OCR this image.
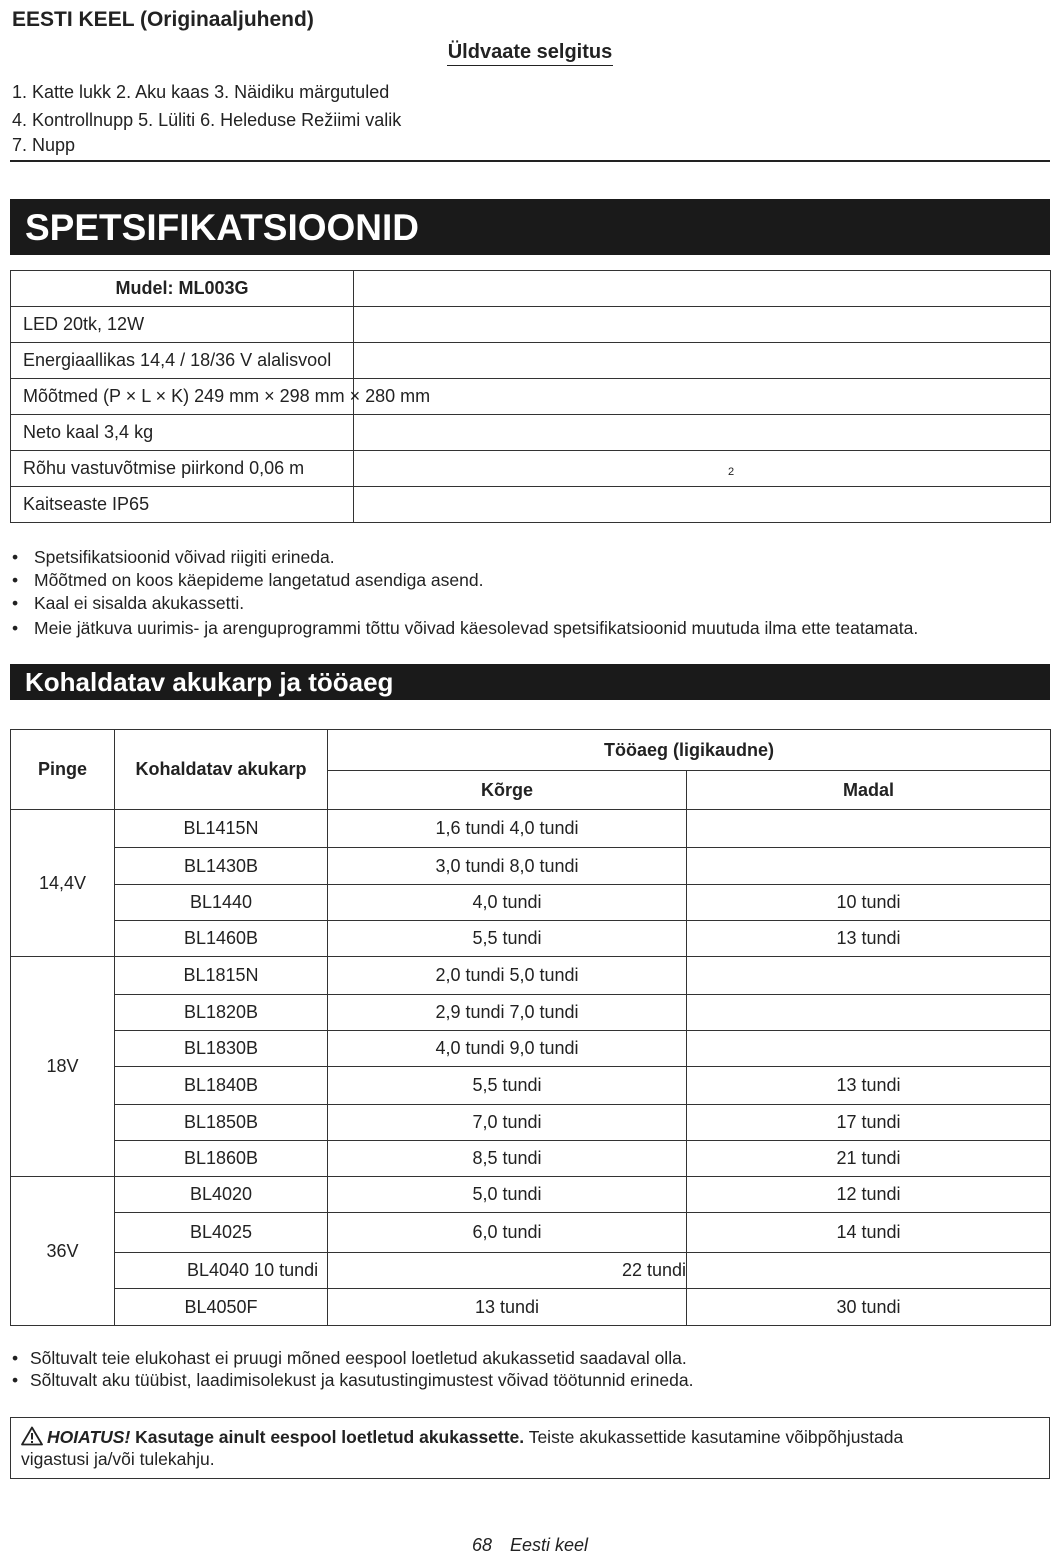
EESTI KEEL (Originaaljuhend)
Üldvaate selgitus
1. Katte lukk 2. Aku kaas 3. Näidiku märgutuled
4. Kontrollnupp 5. Lüliti 6. Heleduse Režiimi valik
7. Nupp
SPETSIFIKATSIOONID
Mudel: ML003G	
LED 20tk, 12W	
Energiaallikas 14,4 / 18/36 V alalisvool	
Mõõtmed (P × L × K) 249 mm × 298 mm × 280 mm	
Neto kaal 3,4 kg	
Rõhu vastuvõtmise piirkond 0,06 m	
Kaitseaste IP65	
2
• Spetsifikatsioonid võivad riigiti erineda.
• Mõõtmed on koos käepideme langetatud asendiga asend.
• Kaal ei sisalda akukassetti.
• Meie jätkuva uurimis- ja arenguprogrammi tõttu võivad käesolevad spetsifikatsioonid muutuda ilma ette teatamata.
Kohaldatav akukarp ja tööaeg
Pinge	Kohaldatav akukarp	Tööaeg (ligikaudne)	
		Kõrge	Madal
14,4V	BL1415N	1,6 tundi 4,0 tundi	
	BL1430B	3,0 tundi 8,0 tundi	
	BL1440	4,0 tundi	10 tundi
	BL1460B	5,5 tundi	13 tundi
18V	BL1815N	2,0 tundi 5,0 tundi	
	BL1820B	2,9 tundi 7,0 tundi	
	BL1830B	4,0 tundi 9,0 tundi	
	BL1840B	5,5 tundi	13 tundi
	BL1850B	7,0 tundi	17 tundi
	BL1860B	8,5 tundi	21 tundi
36V	BL4020	5,0 tundi	12 tundi
	BL4025	6,0 tundi	14 tundi
	BL4040 10 tundi	22 tundi	
	BL4050F	13 tundi	30 tundi
• Sõltuvalt teie elukohast ei pruugi mõned eespool loetletud akukassetid saadaval olla.
• Sõltuvalt aku tüübist, laadimisolekust ja kasutustingimustest võivad töötunnid erineda.
HOIATUS! Kasutage ainult eespool loetletud akukassette. Teiste akukassettide kasutamine võibpõhjustada
vigastusi ja/või tulekahju.
68 Eesti keel
